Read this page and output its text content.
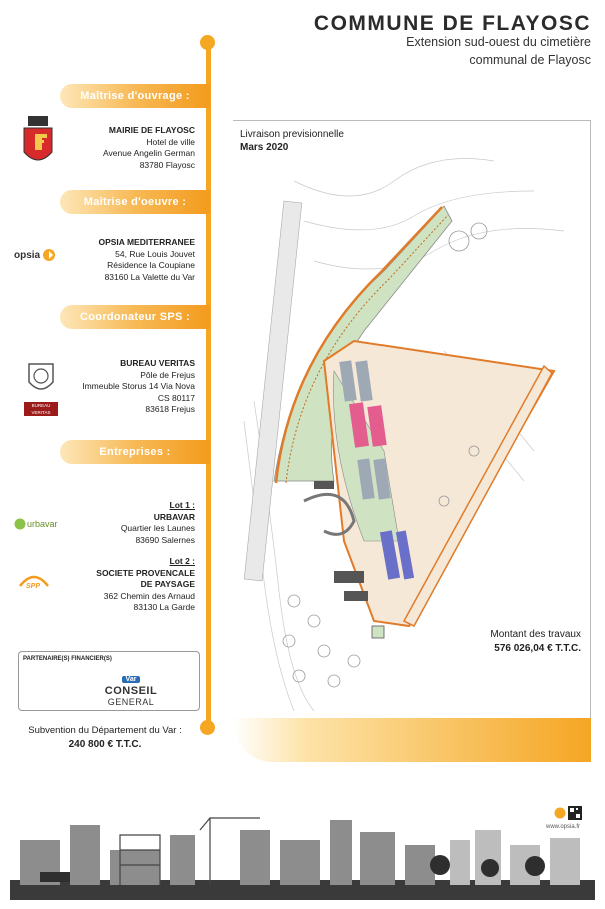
COMMUNE DE FLAYOSC
Extension sud-ouest du cimetière
communal de Flayosc
Maîtrise d'ouvrage :
MAIRIE DE FLAYOSC
Hotel de ville
Avenue Angelin German
83780 Flayosc
Maîtrise d'oeuvre :
opsia
OPSIA MEDITERRANEE
54, Rue Louis Jouvet
Résidence la Coupiane
83160 La Valette du Var
Coordonateur SPS :
BUREAU VERITAS
BUREAU VERITAS
Pôle de Frejus
Immeuble Storus 14 Via Nova
CS 80117
83618 Frejus
Entreprises :
urbavar
Lot 1 :
URBAVAR
Quartier les Launes
83690 Salernes
SPP
Lot 2 :
SOCIETE PROVENCALE
DE PAYSAGE
362 Chemin des Arnaud
83130 La Garde
PARTENAIRE(S) FINANCIER(S)
Var
CONSEIL
GENERAL
Subvention du Département du Var :
240 800 € T.T.C.
Livraison previsionnelle
Mars 2020
Montant des travaux
576 026,04 € T.T.C.
www.opsia.fr
